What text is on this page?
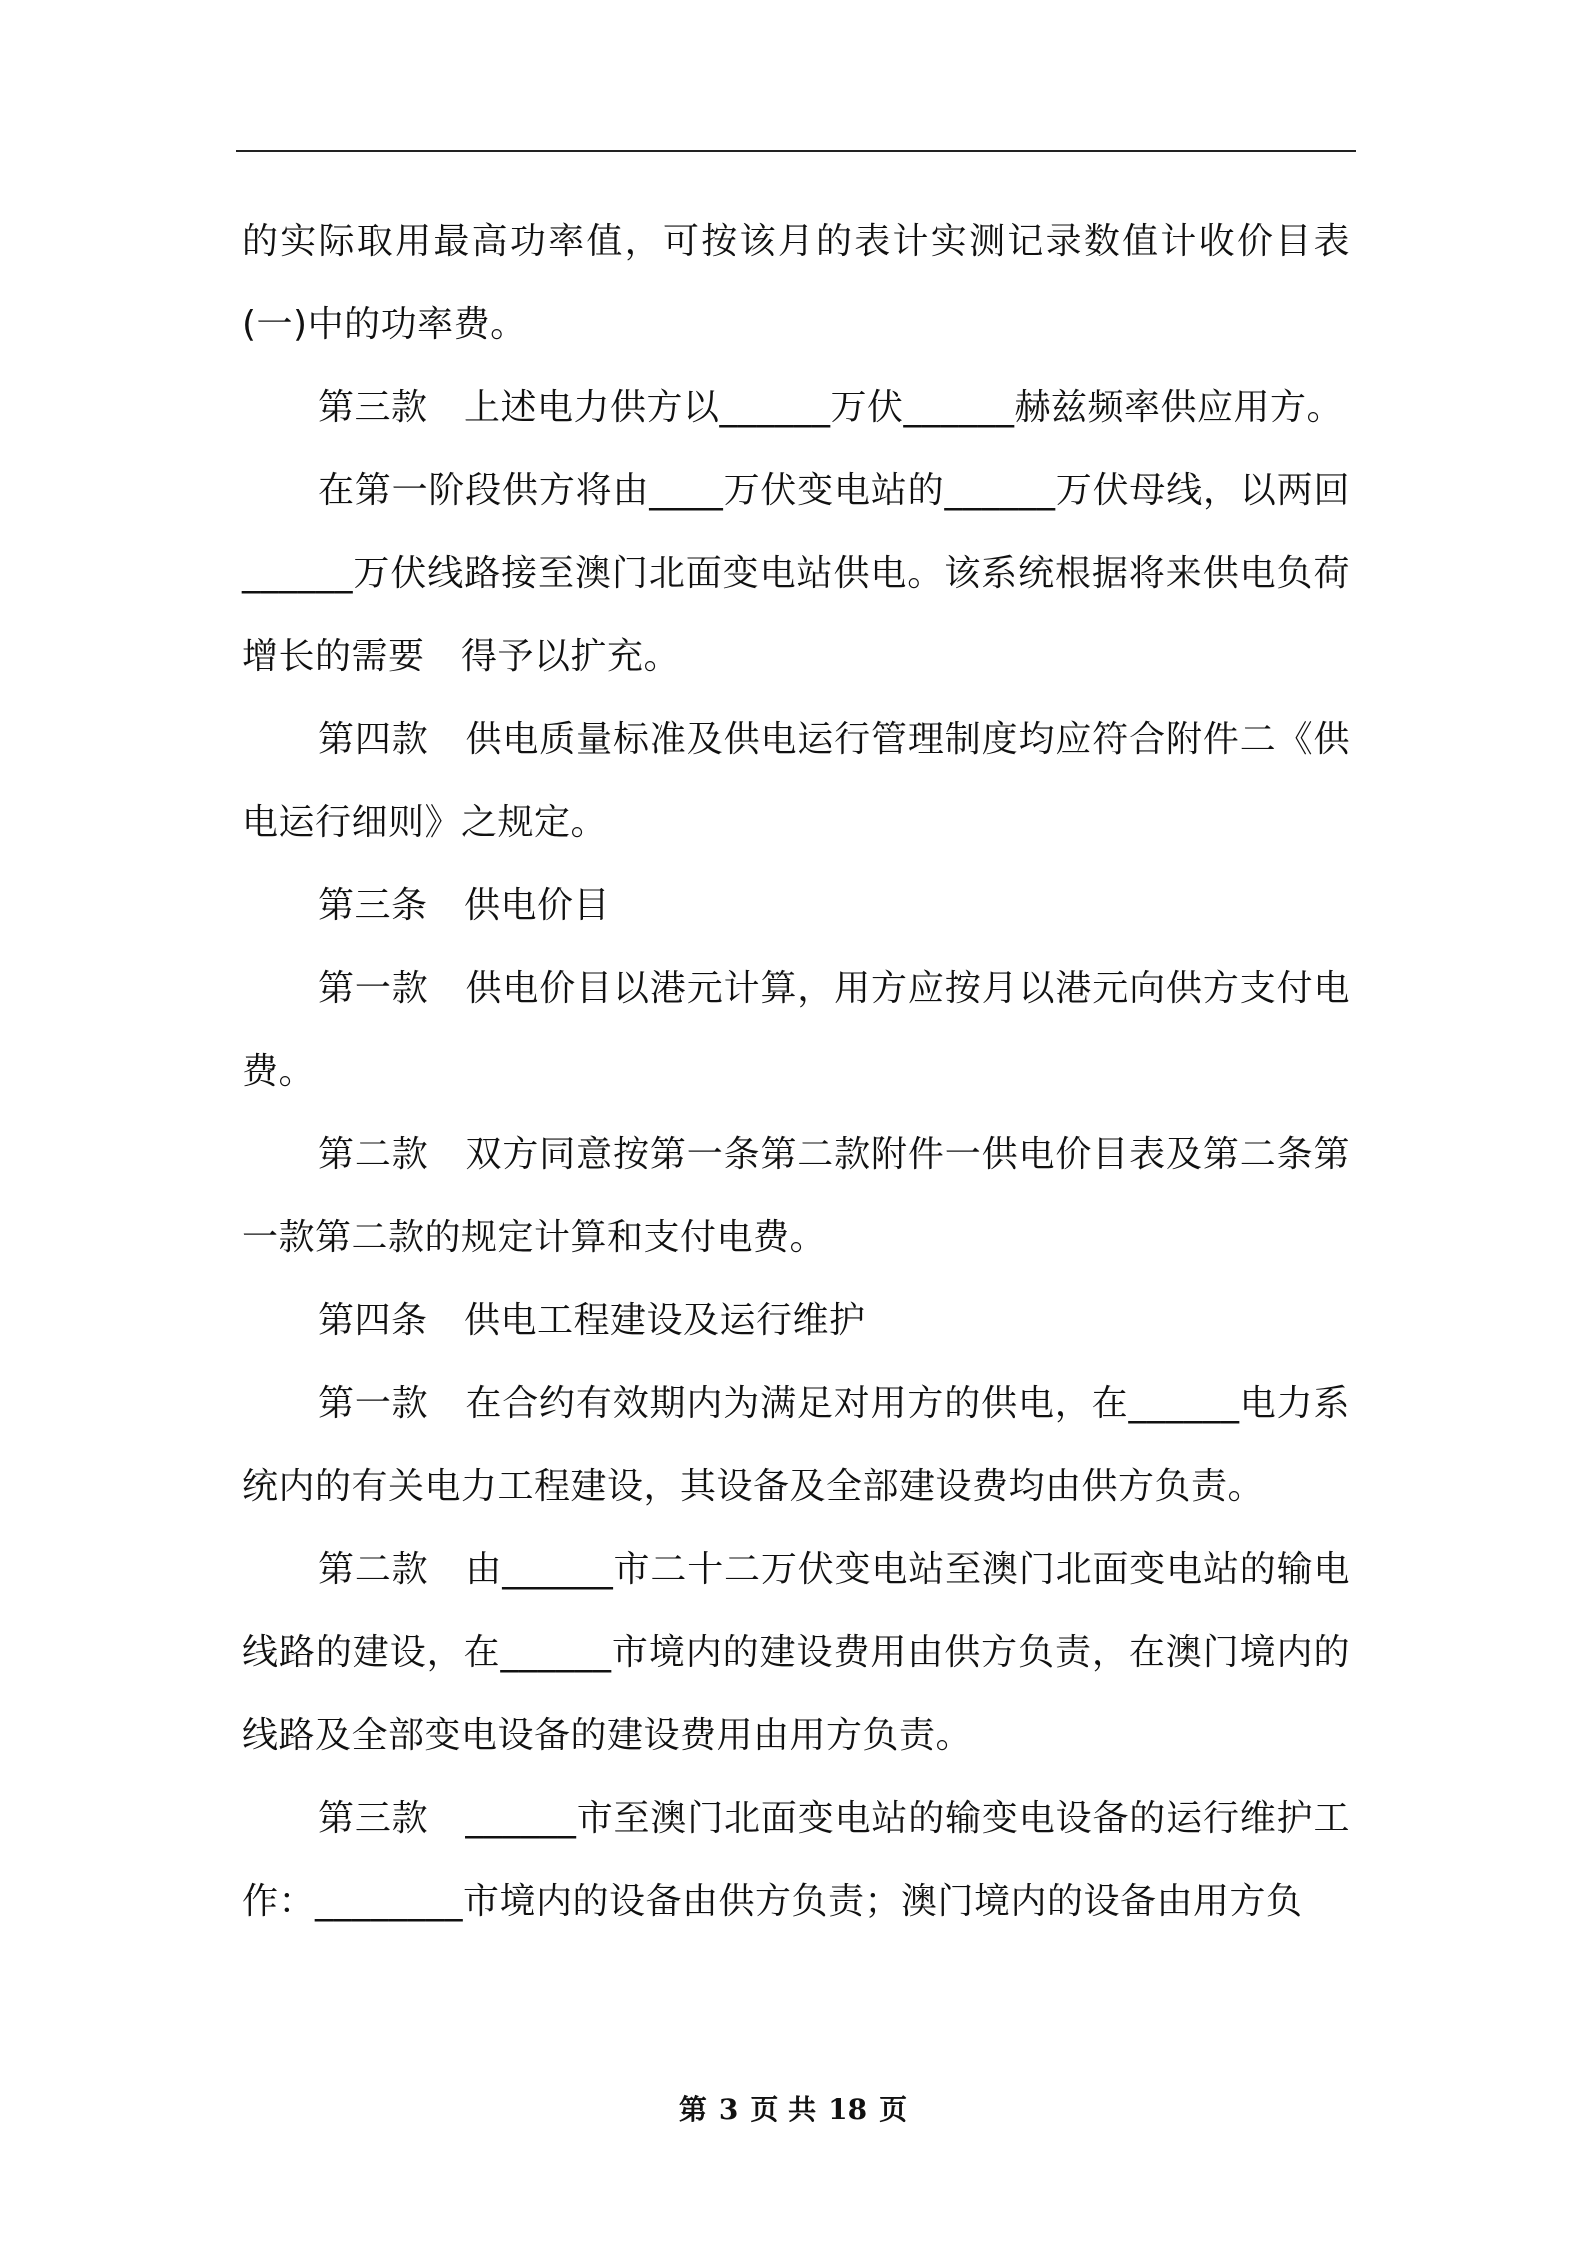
的实际取用最高功率值，可按该月的表计实测记录数值计收价目表(一)中的功率费。

第三款　上述电力供方以______万伏______赫兹频率供应用方。

在第一阶段供方将由____万伏变电站的______万伏母线，以两回______万伏线路接至澳门北面变电站供电。该系统根据将来供电负荷增长的需要　得予以扩充。

第四款　供电质量标准及供电运行管理制度均应符合附件二《供电运行细则》之规定。

第三条　供电价目

第一款　供电价目以港元计算，用方应按月以港元向供方支付电费。

第二款　双方同意按第一条第二款附件一供电价目表及第二条第一款第二款的规定计算和支付电费。

第四条　供电工程建设及运行维护

第一款　在合约有效期内为满足对用方的供电，在______电力系统内的有关电力工程建设，其设备及全部建设费均由供方负责。

第二款　由______市二十二万伏变电站至澳门北面变电站的输电线路的建设，在______市境内的建设费用由供方负责，在澳门境内的线路及全部变电设备的建设费用由用方负责。

第三款　______市至澳门北面变电站的输变电设备的运行维护工作：________市境内的设备由供方负责；澳门境内的设备由用方负

第 3 页 共 18 页
